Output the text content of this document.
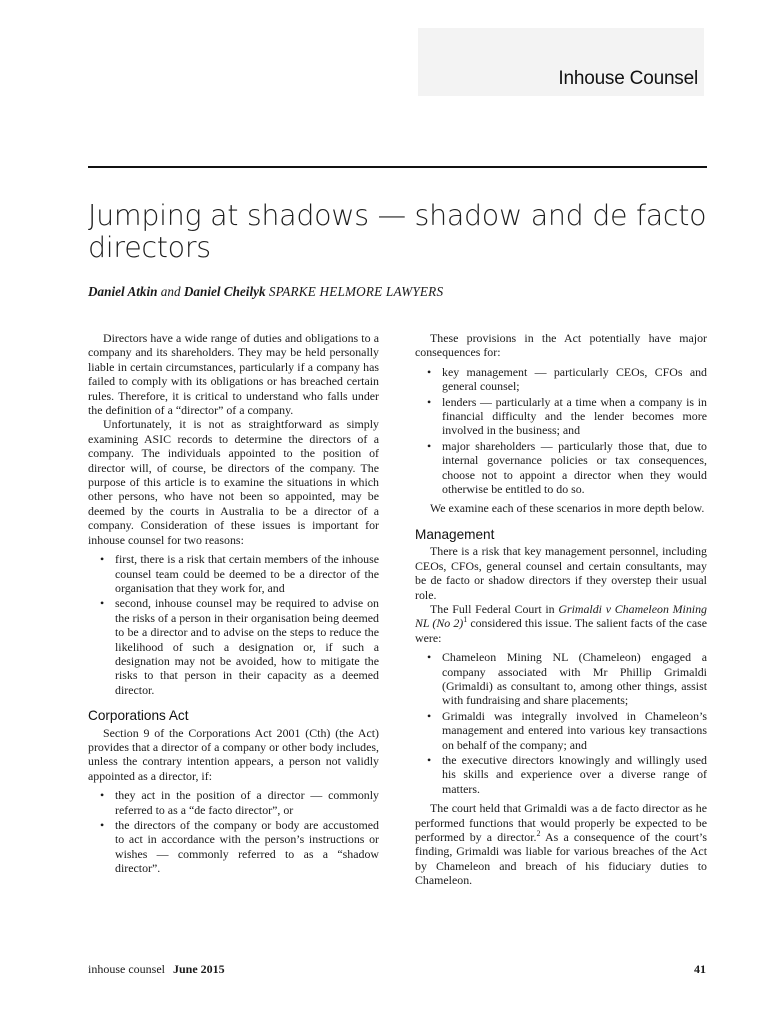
Inhouse Counsel
Jumping at shadows — shadow and de facto directors
Daniel Atkin and Daniel Cheilyk SPARKE HELMORE LAWYERS

Directors have a wide range of duties and obligations to a company and its shareholders. They may be held personally liable in certain circumstances, particularly if a company has failed to comply with its obligations or has breached certain rules. Therefore, it is critical to understand who falls under the definition of a “director” of a company.

Unfortunately, it is not as straightforward as simply examining ASIC records to determine the directors of a company. The individuals appointed to the position of director will, of course, be directors of the company. The purpose of this article is to examine the situations in which other persons, who have not been so appointed, may be deemed by the courts in Australia to be a director of a company. Consideration of these issues is important for inhouse counsel for two reasons:

• first, there is a risk that certain members of the inhouse counsel team could be deemed to be a director of the organisation that they work for, and
• second, inhouse counsel may be required to advise on the risks of a person in their organisation being deemed to be a director and to advise on the steps to reduce the likelihood of such a designation or, if such a designation may not be avoided, how to mitigate the risks to that person in their capacity as a deemed director.
Corporations Act

Section 9 of the Corporations Act 2001 (Cth) (the Act) provides that a director of a company or other body includes, unless the contrary intention appears, a person not validly appointed as a director, if:

• they act in the position of a director — commonly referred to as a “de facto director”, or
• the directors of the company or body are accustomed to act in accordance with the person’s instructions or wishes — commonly referred to as a “shadow director”.

These provisions in the Act potentially have major consequences for:

• key management — particularly CEOs, CFOs and general counsel;
• lenders — particularly at a time when a company is in financial difficulty and the lender becomes more involved in the business; and
• major shareholders — particularly those that, due to internal governance policies or tax consequences, choose not to appoint a director when they would otherwise be entitled to do so.

We examine each of these scenarios in more depth below.

Management

There is a risk that key management personnel, including CEOs, CFOs, general counsel and certain consultants, may be de facto or shadow directors if they overstep their usual role.

The Full Federal Court in Grimaldi v Chameleon Mining NL (No 2)$^1$ considered this issue. The salient facts of the case were:

• Chameleon Mining NL (Chameleon) engaged a company associated with Mr Phillip Grimaldi (Grimaldi) as consultant to, among other things, assist with fundraising and share placements;
• Grimaldi was integrally involved in Chameleon’s management and entered into various key transactions on behalf of the company; and
• the executive directors knowingly and willingly used his skills and experience over a diverse range of matters.

The court held that Grimaldi was a de facto director as he performed functions that would properly be expected to be performed by a director.$^2$ As a consequence of the court’s finding, Grimaldi was liable for various breaches of the Act by Chameleon and breach of his fiduciary duties to Chameleon.

inhouse counsel June 2015	41
